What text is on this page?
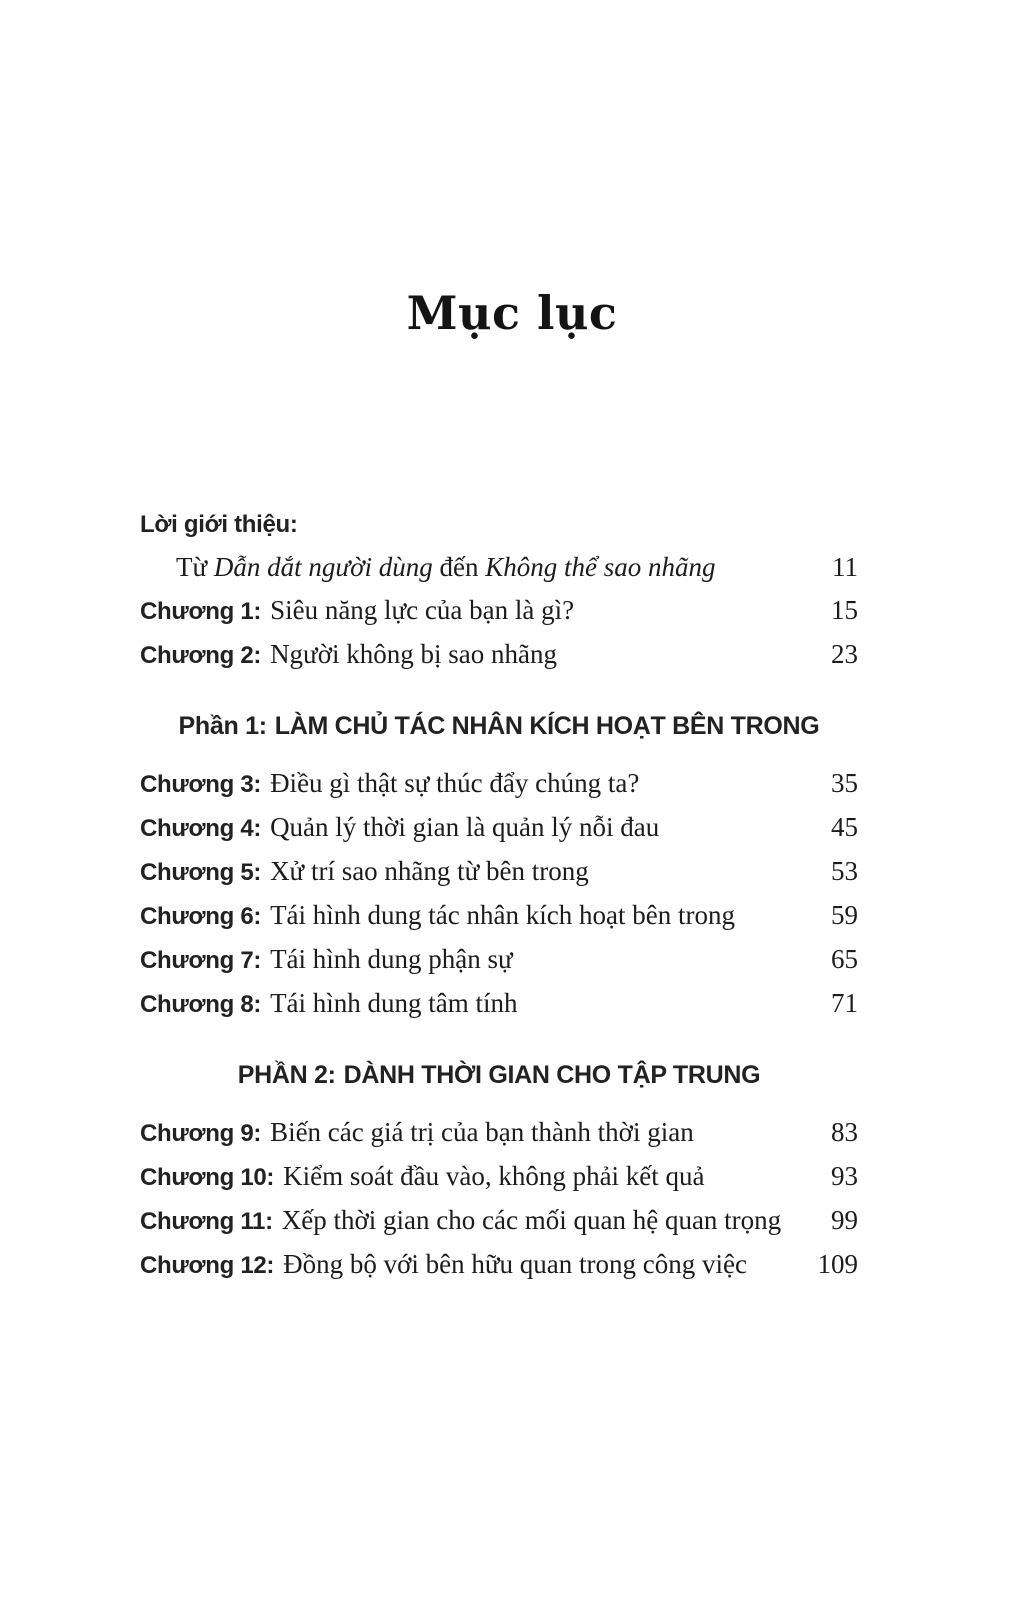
Mục lục
Lời giới thiệu:
Từ Dẫn dắt người dùng đến Không thể sao nhãng	11
Chương 1: Siêu năng lực của bạn là gì?	15
Chương 2: Người không bị sao nhãng	23
Phần 1: LÀM CHỦ TÁC NHÂN KÍCH HOẠT BÊN TRONG
Chương 3: Điều gì thật sự thúc đẩy chúng ta?	35
Chương 4: Quản lý thời gian là quản lý nỗi đau	45
Chương 5: Xử trí sao nhãng từ bên trong	53
Chương 6: Tái hình dung tác nhân kích hoạt bên trong	59
Chương 7: Tái hình dung phận sự	65
Chương 8: Tái hình dung tâm tính	71
PHẦN 2: DÀNH THỜI GIAN CHO TẬP TRUNG
Chương 9: Biến các giá trị của bạn thành thời gian	83
Chương 10: Kiểm soát đầu vào, không phải kết quả	93
Chương 11: Xếp thời gian cho các mối quan hệ quan trọng	99
Chương 12: Đồng bộ với bên hữu quan trong công việc	109
